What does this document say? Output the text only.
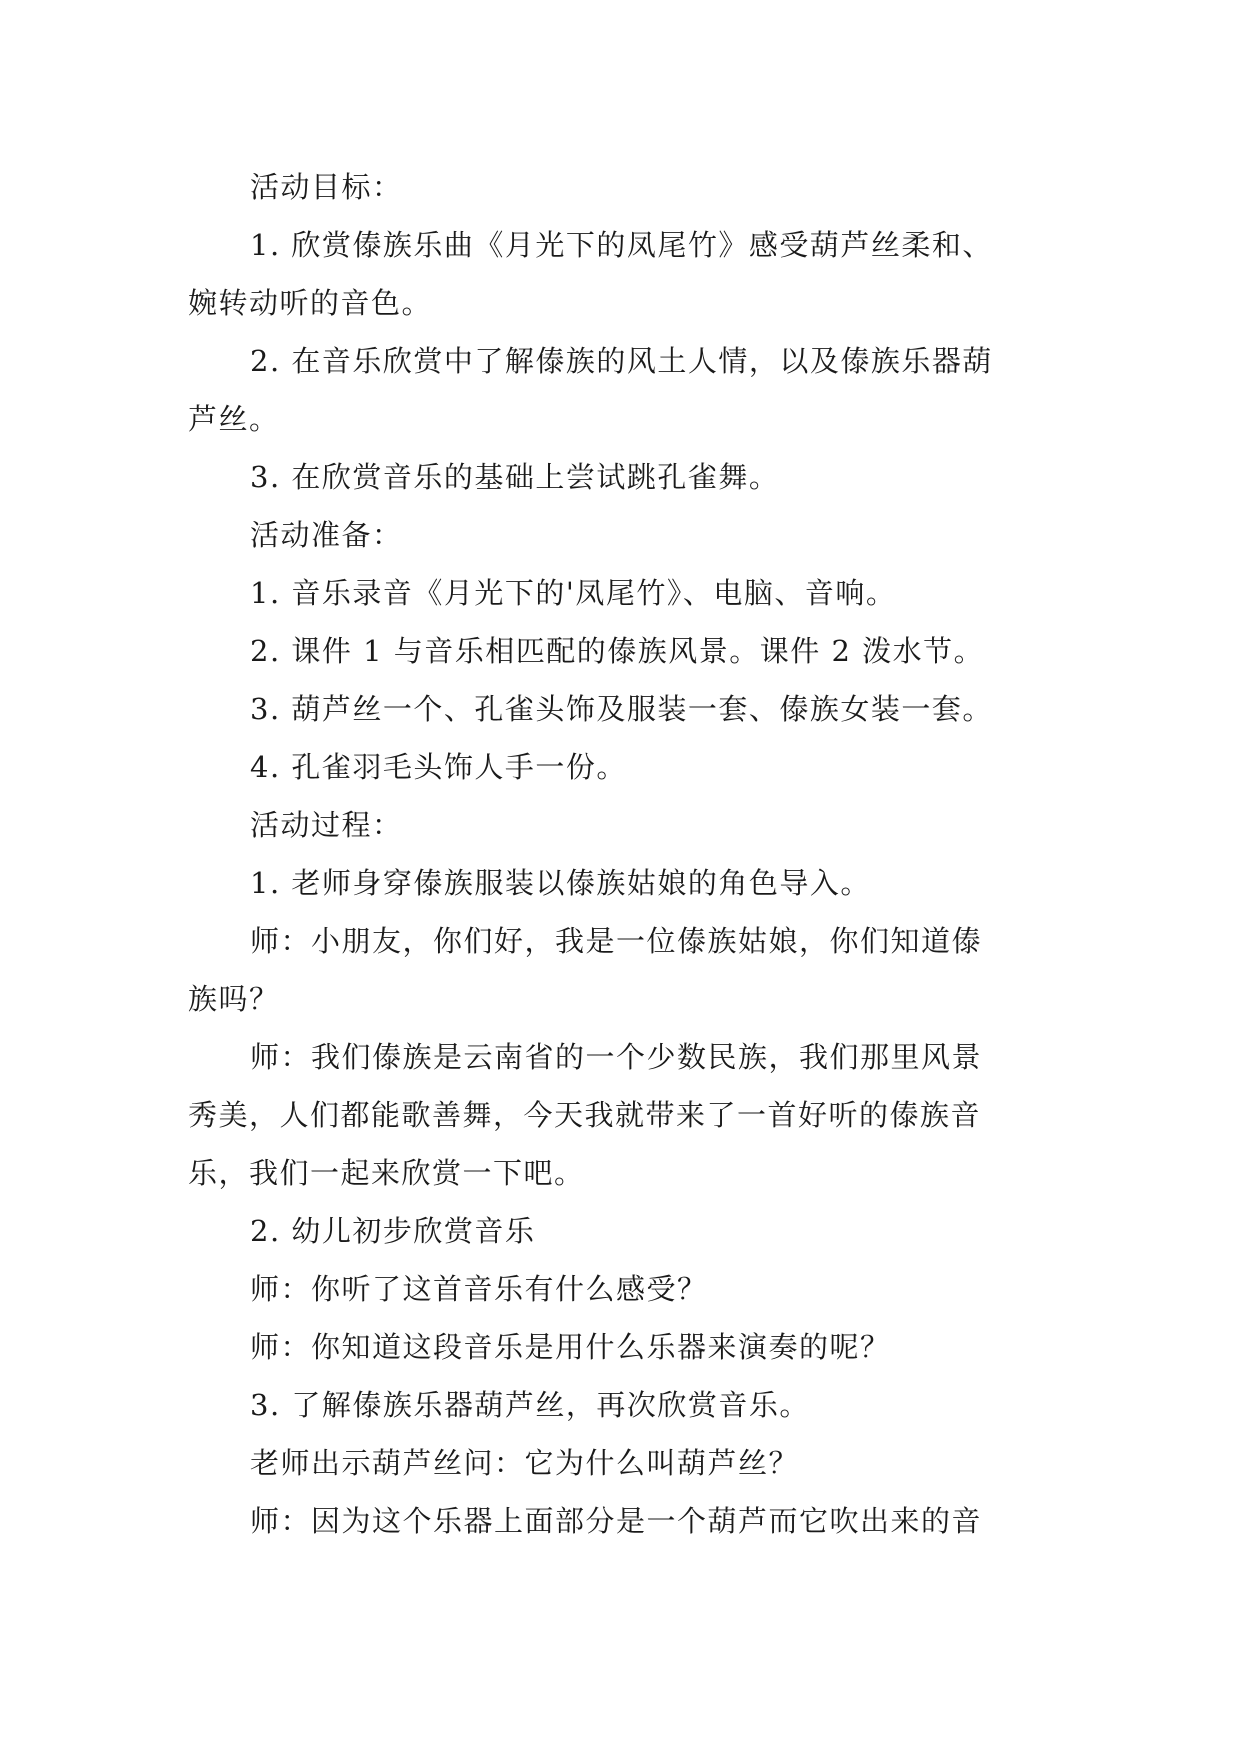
活动目标：
1. 欣赏傣族乐曲《月光下的凤尾竹》感受葫芦丝柔和、
婉转动听的音色。
2. 在音乐欣赏中了解傣族的风土人情，以及傣族乐器葫
芦丝。
3. 在欣赏音乐的基础上尝试跳孔雀舞。
活动准备：
1. 音乐录音《月光下的'凤尾竹》、电脑、音响。
2. 课件 1 与音乐相匹配的傣族风景。课件 2 泼水节。
3. 葫芦丝一个、孔雀头饰及服装一套、傣族女装一套。
4. 孔雀羽毛头饰人手一份。
活动过程：
1. 老师身穿傣族服装以傣族姑娘的角色导入。
师：小朋友，你们好，我是一位傣族姑娘，你们知道傣
族吗？
师：我们傣族是云南省的一个少数民族，我们那里风景
秀美，人们都能歌善舞，今天我就带来了一首好听的傣族音
乐，我们一起来欣赏一下吧。
2. 幼儿初步欣赏音乐
师：你听了这首音乐有什么感受？
师：你知道这段音乐是用什么乐器来演奏的呢？
3. 了解傣族乐器葫芦丝，再次欣赏音乐。
老师出示葫芦丝问：它为什么叫葫芦丝？
师：因为这个乐器上面部分是一个葫芦而它吹出来的音
